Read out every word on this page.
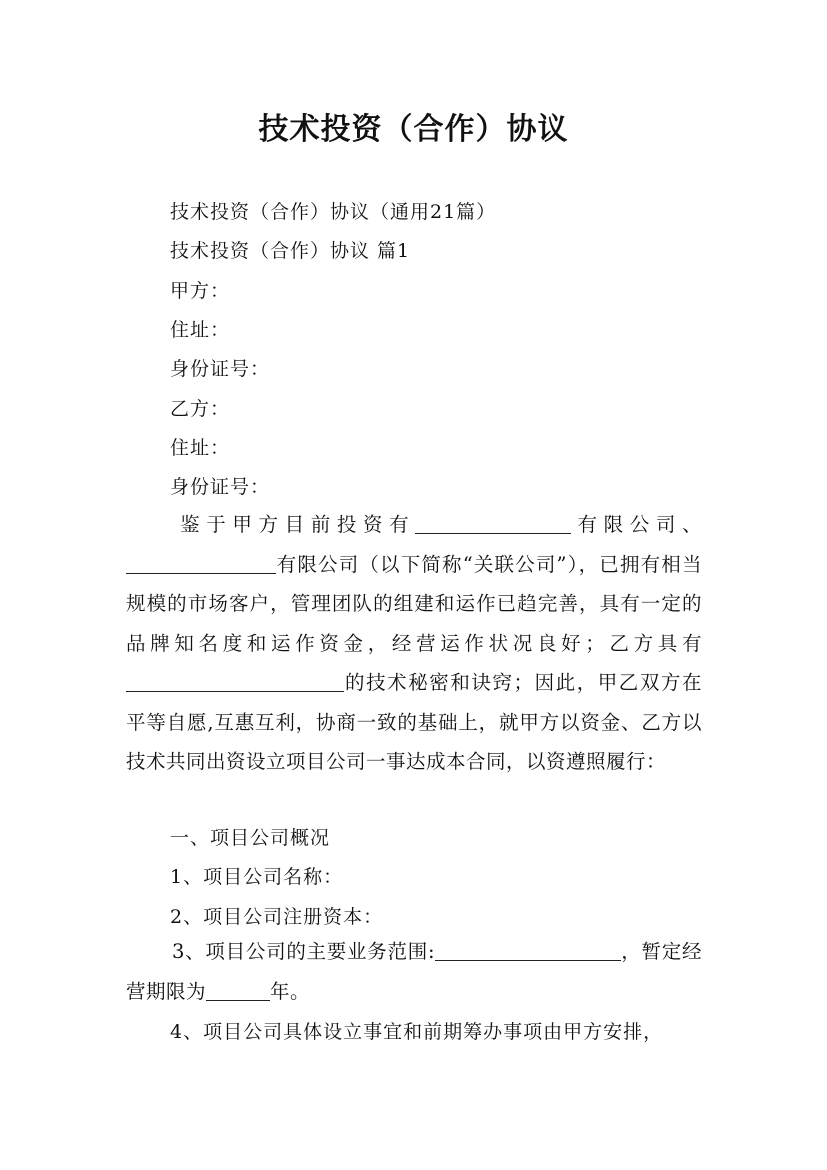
技术投资（合作）协议
技术投资（合作）协议（通用21篇）
技术投资（合作）协议 篇1
甲方：
住址：
身份证号：
乙方：
住址：
身份证号：
鉴于甲方目前投资有	有限公司、有限公司（以下简称“关联公司”），已拥有相当规模的市场客户，管理团队的组建和运作已趋完善，具有一定的品牌知名度和运作资金，经营运作状况良好；乙方具有的技术秘密和诀窍；因此，甲乙双方在平等自愿,互惠互利，协商一致的基础上，就甲方以资金、乙方以技术共同出资设立项目公司一事达成本合同，以资遵照履行：
一、项目公司概况
1、项目公司名称：
2、项目公司注册资本：
3、项目公司的主要业务范围:	，暂定经营期限为	年。
4、项目公司具体设立事宜和前期筹办事项由甲方安排，
